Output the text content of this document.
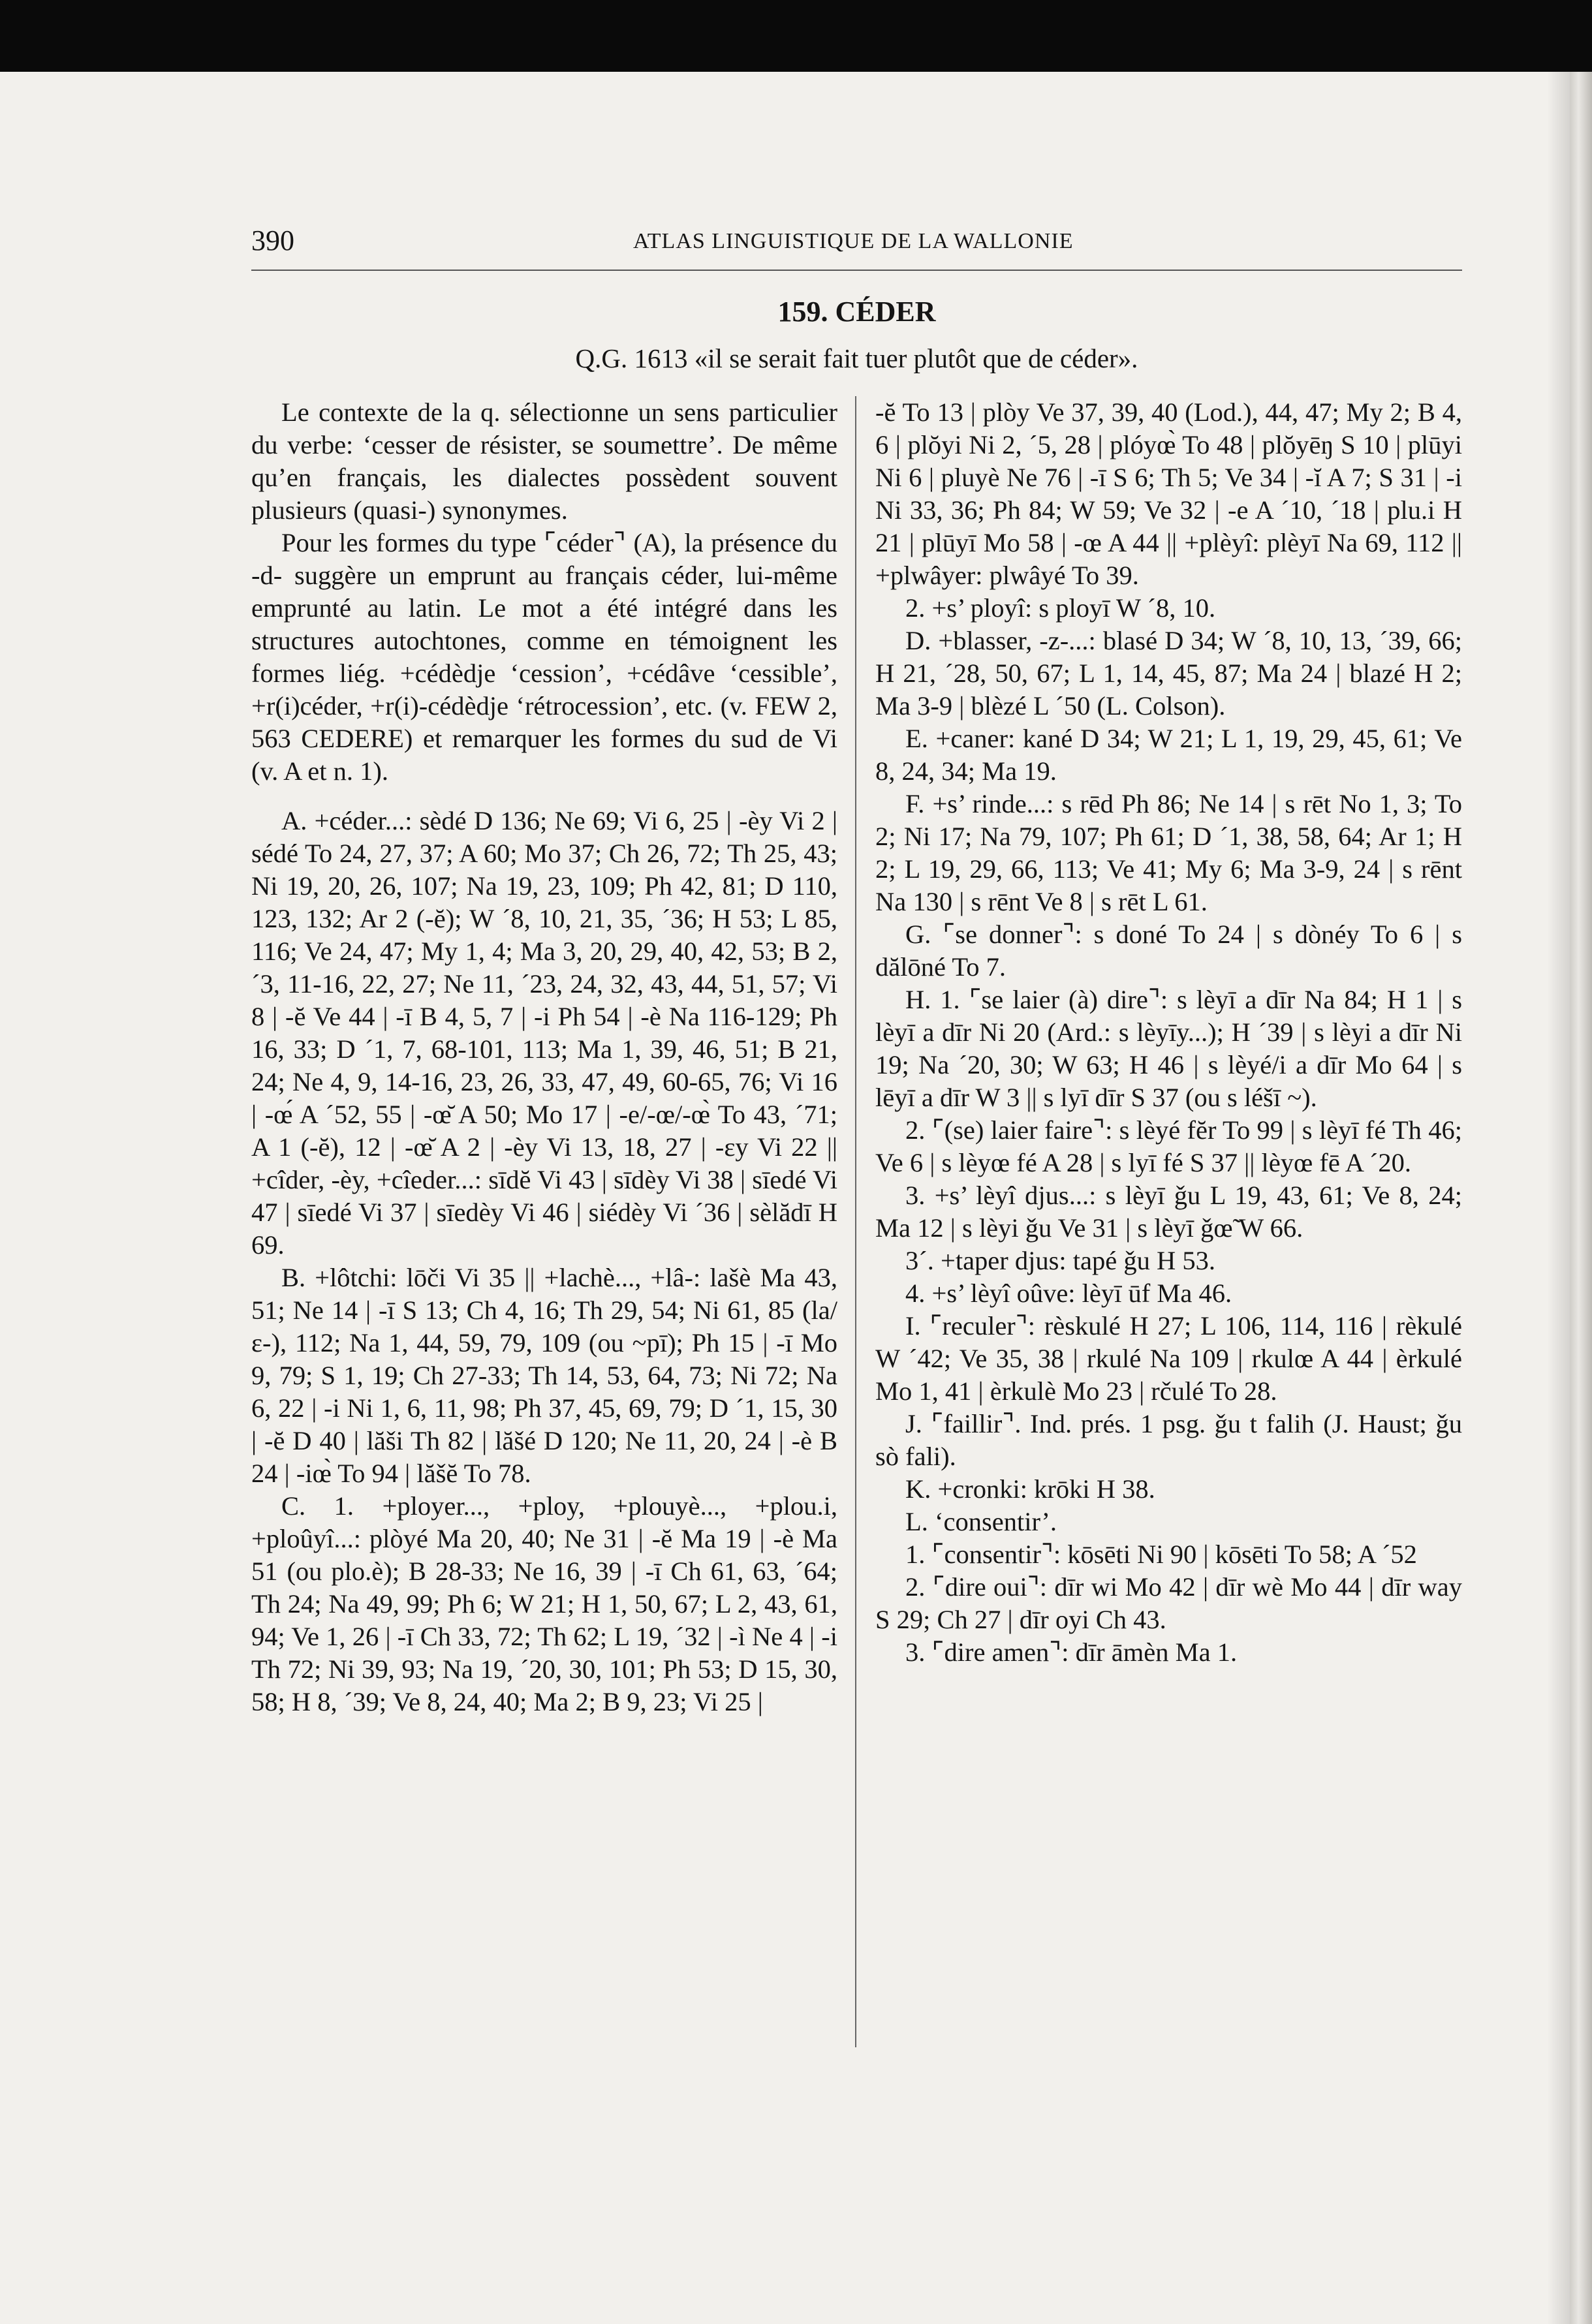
390	ATLAS LINGUISTIQUE DE LA WALLONIE
159. CÉDER
Q.G. 1613 «il se serait fait tuer plutôt que de céder».

Le contexte de la q. sélectionne un sens particulier du verbe: ‘cesser de résister, se soumettre’. De même qu’en français, les dialectes possèdent souvent plusieurs (quasi-) synonymes.

Pour les formes du type ⌜céder⌝ (A), la présence du -d- suggère un emprunt au français céder, lui-même emprunté au latin. Le mot a été intégré dans les structures autochtones, comme en témoignent les formes liég. +cédèdje ‘cession’, +cédâve ‘cessible’, +r(i)céder, +r(i)-cédèdje ‘rétrocession’, etc. (v. FEW 2, 563 CEDERE) et remarquer les formes du sud de Vi (v. A et n. 1).

A. +céder...: sèdé D 136; Ne 69; Vi 6, 25 | -èy Vi 2 | sédé To 24, 27, 37; A 60; Mo 37; Ch 26, 72; Th 25, 43; Ni 19, 20, 26, 107; Na 19, 23, 109; Ph 42, 81; D 110, 123, 132; Ar 2 (-ĕ); W ´8, 10, 21, 35, ´36; H 53; L 85, 116; Ve 24, 47; My 1, 4; Ma 3, 20, 29, 40, 42, 53; B 2, ´3, 11-16, 22, 27; Ne 11, ´23, 24, 32, 43, 44, 51, 57; Vi 8 | -ĕ Ve 44 | -ī B 4, 5, 7 | -i Ph 54 | -è Na 116-129; Ph 16, 33; D ´1, 7, 68-101, 113; Ma 1, 39, 46, 51; B 21, 24; Ne 4, 9, 14-16, 23, 26, 33, 47, 49, 60-65, 76; Vi 16 | -œ́ A ´52, 55 | -œ̆ A 50; Mo 17 | -e/-œ/-œ̀ To 43, ´71; A 1 (-ĕ), 12 | -œ̆ A 2 | -èy Vi 13, 18, 27 | -ɛy Vi 22 || +cîder, -èy, +cîeder...: sīdĕ Vi 43 | sīdèy Vi 38 | sīedé Vi 47 | sīedé Vi 37 | sīedèy Vi 46 | siédèy Vi ´36 | sèlădī H 69.

B. +lôtchi: lōči Vi 35 || +lachè..., +lâ-: lašè Ma 43, 51; Ne 14 | -ī S 13; Ch 4, 16; Th 29, 54; Ni 61, 85 (la/ɛ-), 112; Na 1, 44, 59, 79, 109 (ou ~pī); Ph 15 | -ī Mo 9, 79; S 1, 19; Ch 27-33; Th 14, 53, 64, 73; Ni 72; Na 6, 22 | -i Ni 1, 6, 11, 98; Ph 37, 45, 69, 79; D ´1, 15, 30 | -ĕ D 40 | lăši Th 82 | lăšé D 120; Ne 11, 20, 24 | -è B 24 | -iœ̀ To 94 | lăšĕ To 78.

C. 1. +ployer..., +ploy, +plouyè..., +plou.i, +ploûyî...: plòyé Ma 20, 40; Ne 31 | -ĕ Ma 19 | -è Ma 51 (ou plo.è); B 28-33; Ne 16, 39 | -ī Ch 61, 63, ´64; Th 24; Na 49, 99; Ph 6; W 21; H 1, 50, 67; L 2, 43, 61, 94; Ve 1, 26 | -ī Ch 33, 72; Th 62; L 19, ´32 | -ì Ne 4 | -i Th 72; Ni 39, 93; Na 19, ´20, 30, 101; Ph 53; D 15, 30, 58; H 8, ´39; Ve 8, 24, 40; Ma 2; B 9, 23; Vi 25 |

-ĕ To 13 | plòy Ve 37, 39, 40 (Lod.), 44, 47; My 2; B 4, 6 | plŏyi Ni 2, ´5, 28 | plóyœ̀ To 48 | plŏyēŋ S 10 | plūyi Ni 6 | pluyè Ne 76 | -ī S 6; Th 5; Ve 34 | -ĭ A 7; S 31 | -i Ni 33, 36; Ph 84; W 59; Ve 32 | -e A ´10, ´18 | plu.i H 21 | plūyī Mo 58 | -œ A 44 || +plèyî: plèyī Na 69, 112 || +plwâyer: plwâyé To 39.

2. +s’ ployî: s ployī W ´8, 10.

D. +blasser, -z-...: blasé D 34; W ´8, 10, 13, ´39, 66; H 21, ´28, 50, 67; L 1, 14, 45, 87; Ma 24 | blazé H 2; Ma 3-9 | blèzé L ´50 (L. Colson).

E. +caner: kané D 34; W 21; L 1, 19, 29, 45, 61; Ve 8, 24, 34; Ma 19.

F. +s’ rinde...: s rēd Ph 86; Ne 14 | s rēt No 1, 3; To 2; Ni 17; Na 79, 107; Ph 61; D ´1, 38, 58, 64; Ar 1; H 2; L 19, 29, 66, 113; Ve 41; My 6; Ma 3-9, 24 | s rēnt Na 130 | s rēnt Ve 8 | s rēt L 61.

G. ⌜se donner⌝: s doné To 24 | s dònéy To 6 | s dălōné To 7.

H. 1. ⌜se laier (à) dire⌝: s lèyī a dīr Na 84; H 1 | s lèyī a dīr Ni 20 (Ard.: s lèyīy...); H ´39 | s lèyi a dīr Ni 19; Na ´20, 30; W 63; H 46 | s lèyé/i a dīr Mo 64 | s lēyī a dīr W 3 || s lyī dīr S 37 (ou s léšī ~).

2. ⌜(se) laier faire⌝: s lèyé fĕr To 99 | s lèyī fé Th 46; Ve 6 | s lèyœ fé A 28 | s lyī fé S 37 || lèyœ fē A ´20.

3. +s’ lèyî djus...: s lèyī ǧu L 19, 43, 61; Ve 8, 24; Ma 12 | s lèyi ǧu Ve 31 | s lèyī ǧœ̃ W 66.

3´. +taper djus: tapé ǧu H 53.

4. +s’ lèyî oûve: lèyī ūf Ma 46.

I. ⌜reculer⌝: rèskulé H 27; L 106, 114, 116 | rèkulé W ´42; Ve 35, 38 | rkulé Na 109 | rkulœ A 44 | èrkulé Mo 1, 41 | èrkulè Mo 23 | rčulé To 28.

J. ⌜faillir⌝. Ind. prés. 1 psg. ǧu t falih (J. Haust; ǧu sò fali).

K. +cronki: krōki H 38.

L. ‘consentir’.

1. ⌜consentir⌝: kōsēti Ni 90 | kōsēti To 58; A ´52

2. ⌜dire oui⌝: dīr wi Mo 42 | dīr wè Mo 44 | dīr way S 29; Ch 27 | dīr oyi Ch 43.

3. ⌜dire amen⌝: dīr āmèn Ma 1.
